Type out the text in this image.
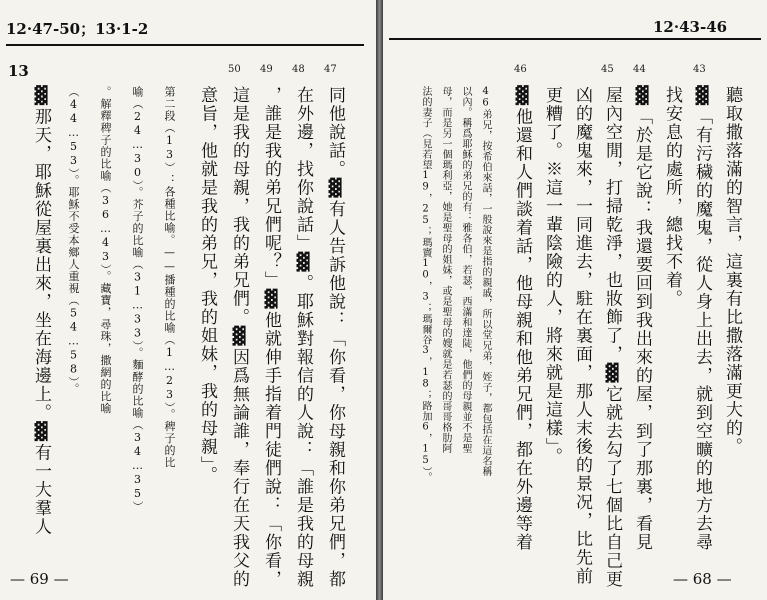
12·47-50；13·1-2
13	50 49 48 47
同他說話。▓有人告訴他說：「你看，你母親和你弟兄們，都
在外邊，找你說話」▓。耶穌對報信的人說：「誰是我的母親
，誰是我的弟兄們呢？」▓他就伸手指着門徒們說：「你看，
這是我的母親，我的弟兄們。▓因爲無論誰，奉行在天我父的
意旨，他就是我的弟兄，我的姐妹，我的母親」。
第二段（13）：各種比喻。——播種的比喻（1…23）。稗子的比
喻（24…30）。芥子的比喻（31…33）。麵酵的比喻（34…35）
。解釋稗子的比喻（36…43）。藏寶，尋珠，撒網的比喻
（44…53）。耶穌不受本鄉人重視（54…58）。
▓那天，耶穌從屋裏出來，坐在海邊上。▓有一大羣人
— 69 —
12·43-46
46	45 44	43
聽取撒落滿的智言，這裏有比撒落滿更大的。
▓「有污穢的魔鬼，從人身上出去，就到空曠的地方去尋
找安息的處所，總找不着。
▓「於是它說：我還要回到我出來的屋，到了那裏，看見
屋內空閒，打掃乾淨，也妝飾了，▓它就去勾了七個比自己更
凶的魔鬼來，一同進去，駐在裏面，那人末後的景况，比先前
更糟了。※這一輩陰險的人，將來就是這樣」。
▓他還和人們談着話，他母親和他弟兄們，都在外邊等着
46弟兄，按希伯來話，一般說來是指的親戚，所以堂兄弟，姪子，都包括在這名稱
以內。稱爲耶穌的弟兄的有：雅各伯，若瑟，西滿和達陡，他們的母親並不是聖
母，而是另一個瑪利亞，她是聖母的姐妹，或是聖母的嫂就是若瑟的哥哥格肋阿
法的妻子（見若望19，25；瑪竇10，3；瑪爾谷3，18；路加6，15）。
— 68 —
